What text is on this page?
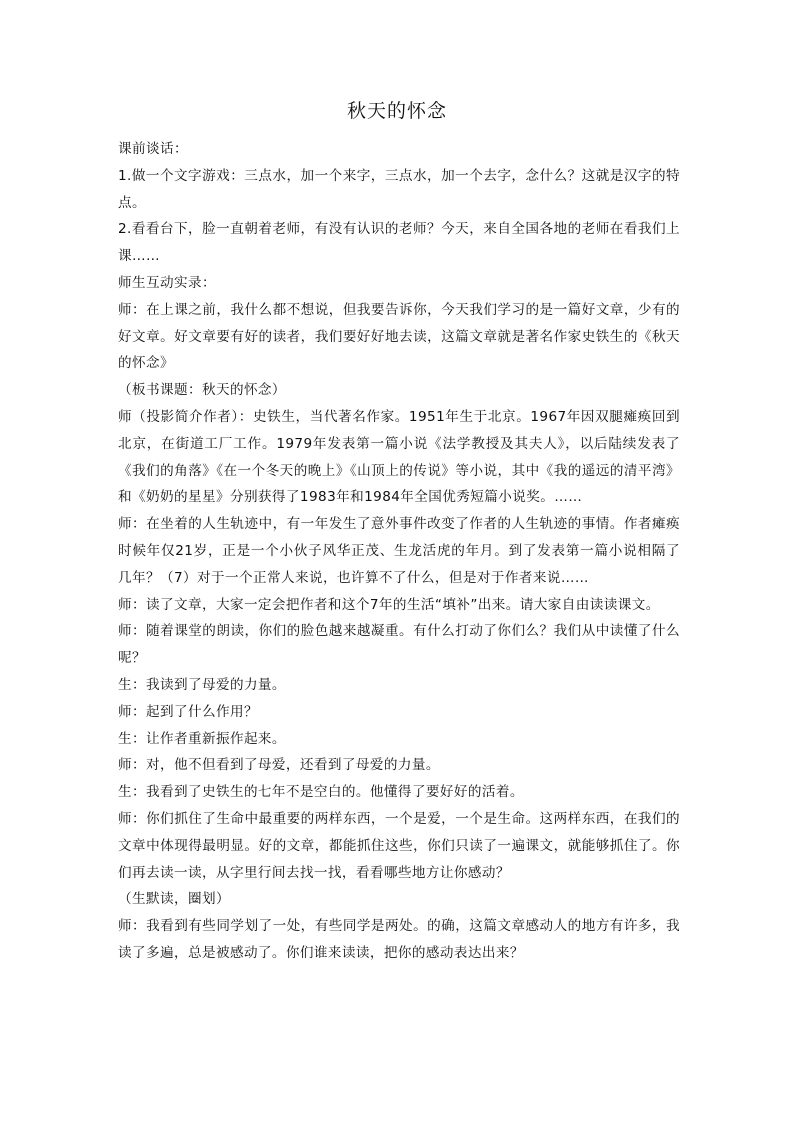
秋天的怀念

课前谈话：

1.做一个文字游戏：三点水，加一个来字，三点水，加一个去字，念什么？这就是汉字的特点。

2.看看台下，脸一直朝着老师，有没有认识的老师？今天，来自全国各地的老师在看我们上课……

师生互动实录：

师：在上课之前，我什么都不想说，但我要告诉你，今天我们学习的是一篇好文章，少有的好文章。好文章要有好的读者，我们要好好地去读，这篇文章就是著名作家史铁生的《秋天的怀念》

（板书课题：秋天的怀念）

师（投影简介作者）：史铁生，当代著名作家。1951年生于北京。1967年因双腿瘫痪回到北京，在街道工厂工作。1979年发表第一篇小说《法学教授及其夫人》，以后陆续发表了《我们的角落》《在一个冬天的晚上》《山顶上的传说》等小说，其中《我的遥远的清平湾》和《奶奶的星星》分别获得了1983年和1984年全国优秀短篇小说奖。……

师：在坐着的人生轨迹中，有一年发生了意外事件改变了作者的人生轨迹的事情。作者瘫痪时候年仅21岁，正是一个小伙子风华正茂、生龙活虎的年月。到了发表第一篇小说相隔了几年？（7）对于一个正常人来说，也许算不了什么，但是对于作者来说……

师：读了文章，大家一定会把作者和这个7年的生活“填补”出来。请大家自由读读课文。

师：随着课堂的朗读，你们的脸色越来越凝重。有什么打动了你们么？我们从中读懂了什么呢？

生：我读到了母爱的力量。

师：起到了什么作用？

生：让作者重新振作起来。

师：对，他不但看到了母爱，还看到了母爱的力量。

生：我看到了史铁生的七年不是空白的。他懂得了要好好的活着。

师：你们抓住了生命中最重要的两样东西，一个是爱，一个是生命。这两样东西，在我们的文章中体现得最明显。好的文章，都能抓住这些，你们只读了一遍课文，就能够抓住了。你们再去读一读，从字里行间去找一找，看看哪些地方让你感动？

（生默读，圈划）

师：我看到有些同学划了一处，有些同学是两处。的确，这篇文章感动人的地方有许多，我读了多遍，总是被感动了。你们谁来读读，把你的感动表达出来？
